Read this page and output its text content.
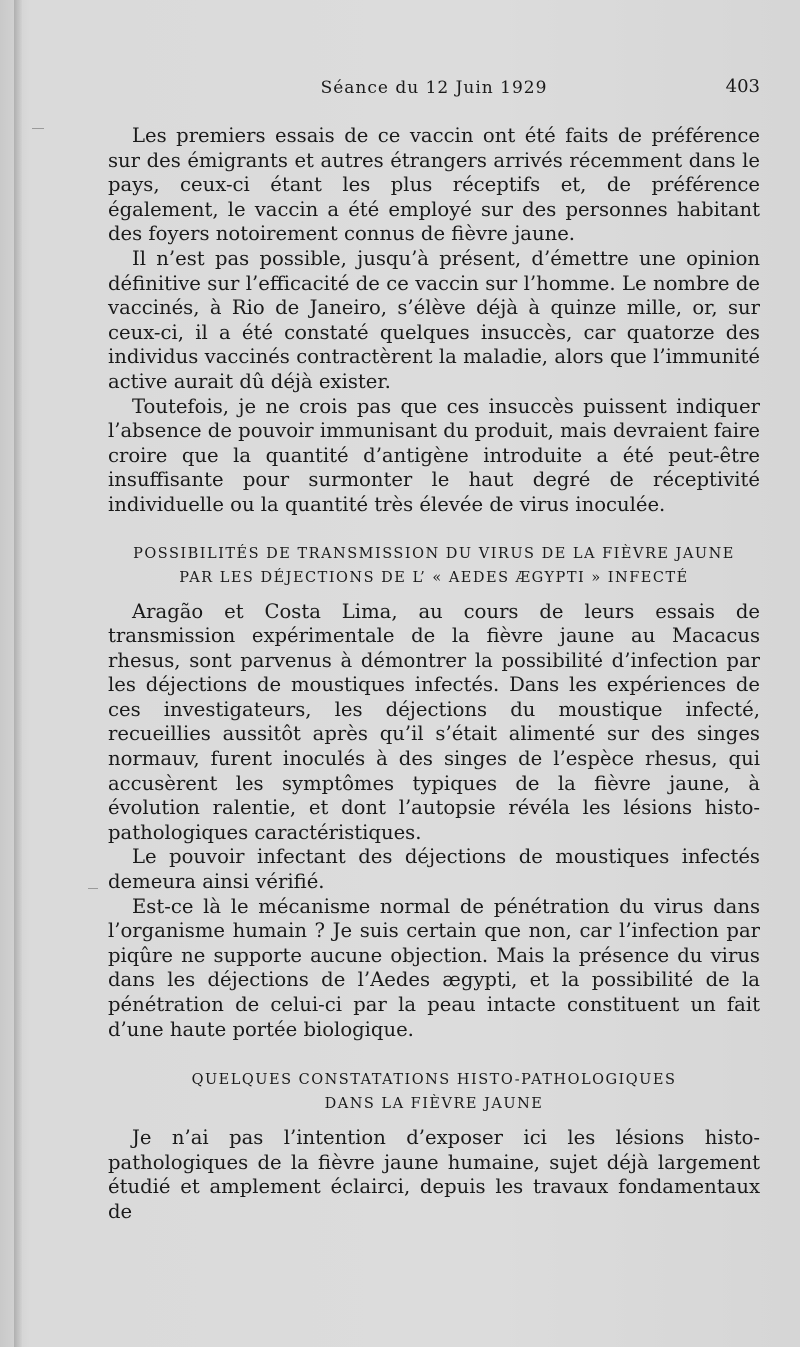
Séance du 12 Juin 1929	403

Les premiers essais de ce vaccin ont été faits de préférence sur des émigrants et autres étrangers arrivés récemment dans le pays, ceux-ci étant les plus réceptifs et, de préférence également, le vaccin a été employé sur des personnes habitant des foyers notoirement connus de fièvre jaune.

Il n’est pas possible, jusqu’à présent, d’émettre une opinion définitive sur l’efficacité de ce vaccin sur l’homme. Le nombre de vaccinés, à Rio de Janeiro, s’élève déjà à quinze mille, or, sur ceux-ci, il a été constaté quelques insuccès, car quatorze des individus vaccinés contractèrent la maladie, alors que l’immunité active aurait dû déjà exister.

Toutefois, je ne crois pas que ces insuccès puissent indiquer l’absence de pouvoir immunisant du produit, mais devraient faire croire que la quantité d’antigène introduite a été peut-être insuffisante pour surmonter le haut degré de réceptivité individuelle ou la quantité très élevée de virus inoculée.

POSSIBILITÉS DE TRANSMISSION DU VIRUS DE LA FIÈVRE JAUNE
PAR LES DÉJECTIONS DE L’ « AEDES ÆGYPTI » INFECTÉ

Aragão et Costa Lima, au cours de leurs essais de transmission expérimentale de la fièvre jaune au Macacus rhesus, sont parvenus à démontrer la possibilité d’infection par les déjections de moustiques infectés. Dans les expériences de ces investigateurs, les déjections du moustique infecté, recueillies aussitôt après qu’il s’était alimenté sur des singes normauv, furent inoculés à des singes de l’espèce rhesus, qui accusèrent les symptômes typiques de la fièvre jaune, à évolution ralentie, et dont l’autopsie révéla les lésions histo-pathologiques caractéristiques.

Le pouvoir infectant des déjections de moustiques infectés demeura ainsi vérifié.

Est-ce là le mécanisme normal de pénétration du virus dans l’organisme humain ? Je suis certain que non, car l’infection par piqûre ne supporte aucune objection. Mais la présence du virus dans les déjections de l’Aedes ægypti, et la possibilité de la pénétration de celui-ci par la peau intacte constituent un fait d’une haute portée biologique.

QUELQUES CONSTATATIONS HISTO-PATHOLOGIQUES
DANS LA FIÈVRE JAUNE

Je n’ai pas l’intention d’exposer ici les lésions histo-pathologiques de la fièvre jaune humaine, sujet déjà largement étudié et amplement éclairci, depuis les travaux fondamentaux de
